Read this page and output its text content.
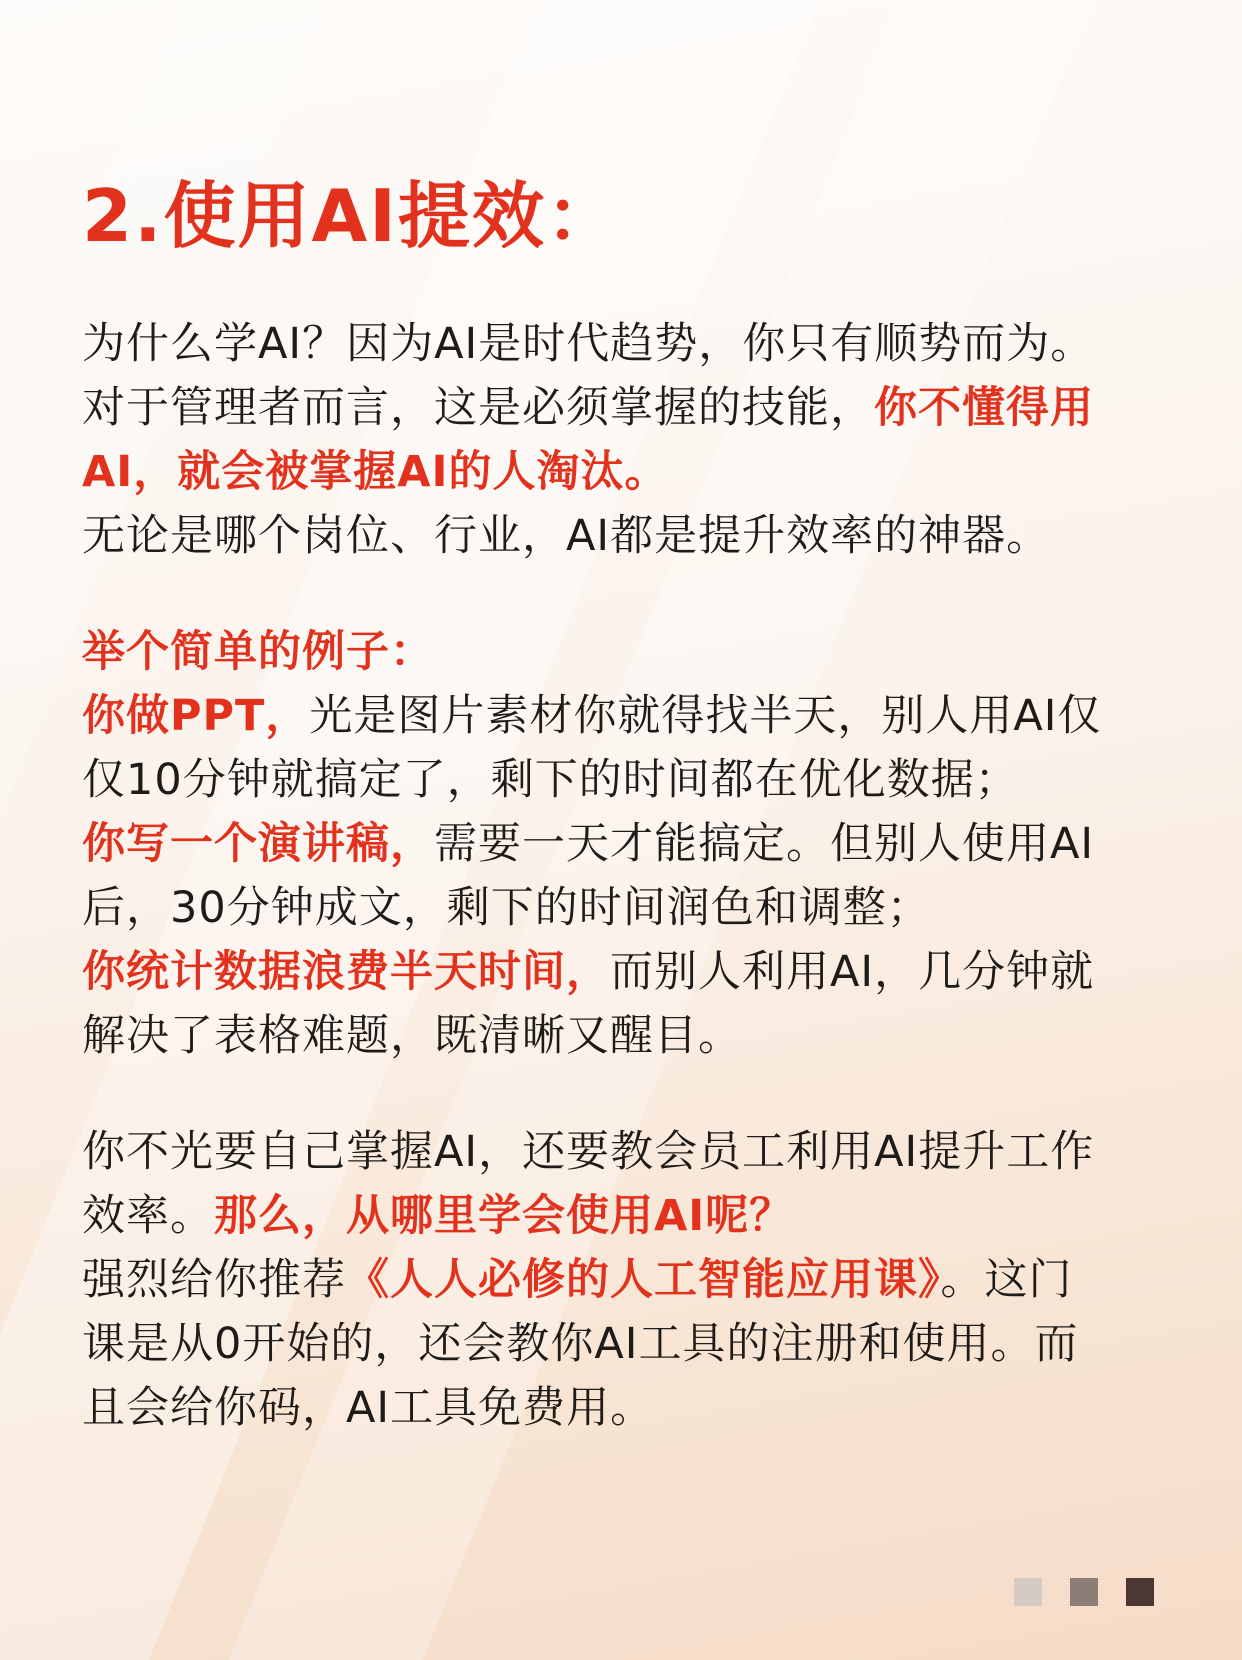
2.使用AI提效：
为什么学AI？因为AI是时代趋势，你只有顺势而为。
对于管理者而言，这是必须掌握的技能，你不懂得用
AI，就会被掌握AI的人淘汰。
无论是哪个岗位、行业，AI都是提升效率的神器。
举个简单的例子：
你做PPT，光是图片素材你就得找半天，别人用AI仅
仅10分钟就搞定了，剩下的时间都在优化数据；
你写一个演讲稿，需要一天才能搞定。但别人使用AI
后，30分钟成文，剩下的时间润色和调整；
你统计数据浪费半天时间，而别人利用AI，几分钟就
解决了表格难题，既清晰又醒目。
你不光要自己掌握AI，还要教会员工利用AI提升工作
效率。那么，从哪里学会使用AI呢？
强烈给你推荐《人人必修的人工智能应用课》。这门
课是从0开始的，还会教你AI工具的注册和使用。而
且会给你码，AI工具免费用。
